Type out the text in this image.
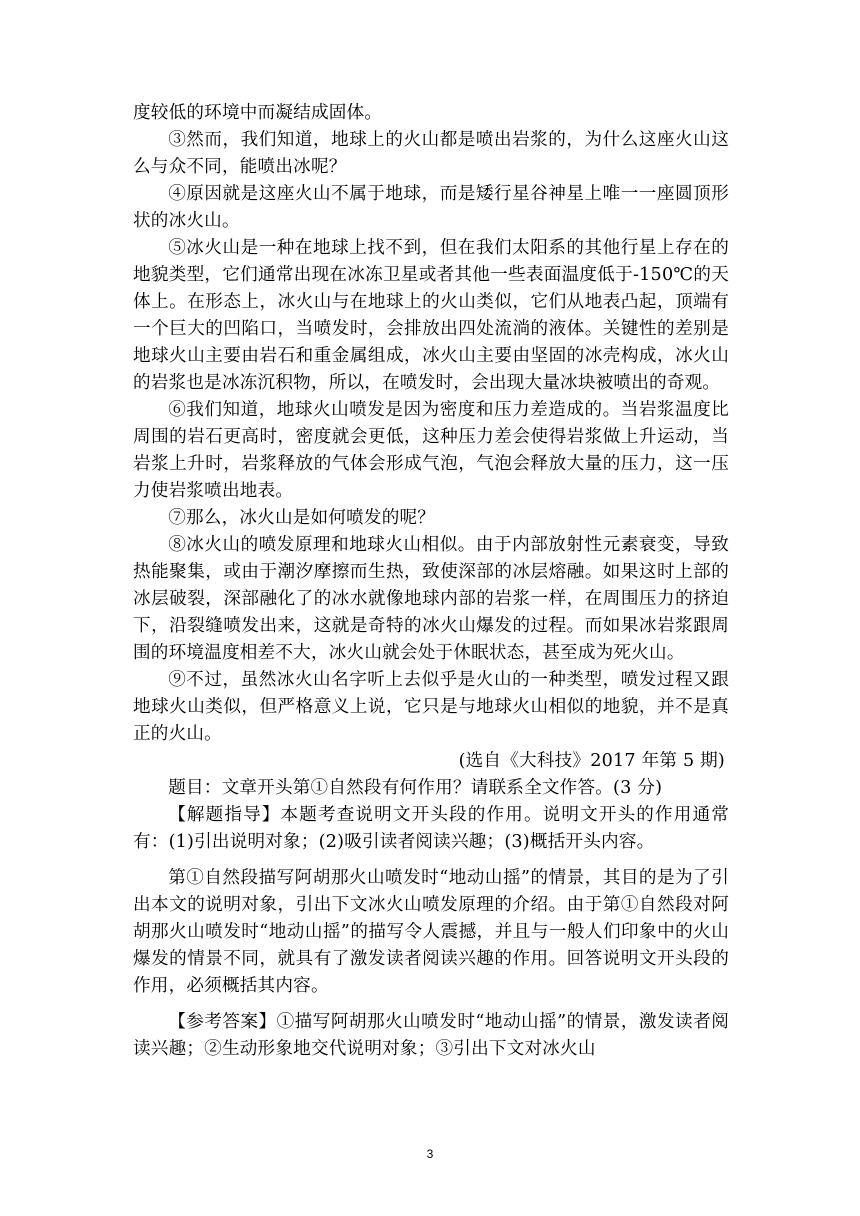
度较低的环境中而凝结成固体。

③然而，我们知道，地球上的火山都是喷出岩浆的，为什么这座火山这么与众不同，能喷出冰呢？

④原因就是这座火山不属于地球，而是矮行星谷神星上唯一一座圆顶形状的冰火山。

⑤冰火山是一种在地球上找不到，但在我们太阳系的其他行星上存在的地貌类型，它们通常出现在冰冻卫星或者其他一些表面温度低于-150℃的天体上。在形态上，冰火山与在地球上的火山类似，它们从地表凸起，顶端有一个巨大的凹陷口，当喷发时，会排放出四处流淌的液体。关键性的差别是地球火山主要由岩石和重金属组成，冰火山主要由坚固的冰壳构成，冰火山的岩浆也是冰冻沉积物，所以，在喷发时，会出现大量冰块被喷出的奇观。

⑥我们知道，地球火山喷发是因为密度和压力差造成的。当岩浆温度比周围的岩石更高时，密度就会更低，这种压力差会使得岩浆做上升运动，当岩浆上升时，岩浆释放的气体会形成气泡，气泡会释放大量的压力，这一压力使岩浆喷出地表。

⑦那么，冰火山是如何喷发的呢？

⑧冰火山的喷发原理和地球火山相似。由于内部放射性元素衰变，导致热能聚集，或由于潮汐摩擦而生热，致使深部的冰层熔融。如果这时上部的冰层破裂，深部融化了的冰水就像地球内部的岩浆一样，在周围压力的挤迫下，沿裂缝喷发出来，这就是奇特的冰火山爆发的过程。而如果冰岩浆跟周围的环境温度相差不大，冰火山就会处于休眠状态，甚至成为死火山。

⑨不过，虽然冰火山名字听上去似乎是火山的一种类型，喷发过程又跟地球火山类似，但严格意义上说，它只是与地球火山相似的地貌，并不是真正的火山。

(选自《大科技》2017 年第 5 期)

题目：文章开头第①自然段有何作用？请联系全文作答。(3 分)

【解题指导】本题考查说明文开头段的作用。说明文开头的作用通常有：(1)引出说明对象；(2)吸引读者阅读兴趣；(3)概括开头内容。

第①自然段描写阿胡那火山喷发时“地动山摇”的情景，其目的是为了引出本文的说明对象，引出下文冰火山喷发原理的介绍。由于第①自然段对阿胡那火山喷发时“地动山摇”的描写令人震撼，并且与一般人们印象中的火山爆发的情景不同，就具有了激发读者阅读兴趣的作用。回答说明文开头段的作用，必须概括其内容。

【参考答案】①描写阿胡那火山喷发时“地动山摇”的情景，激发读者阅读兴趣；②生动形象地交代说明对象；③引出下文对冰火山

3
